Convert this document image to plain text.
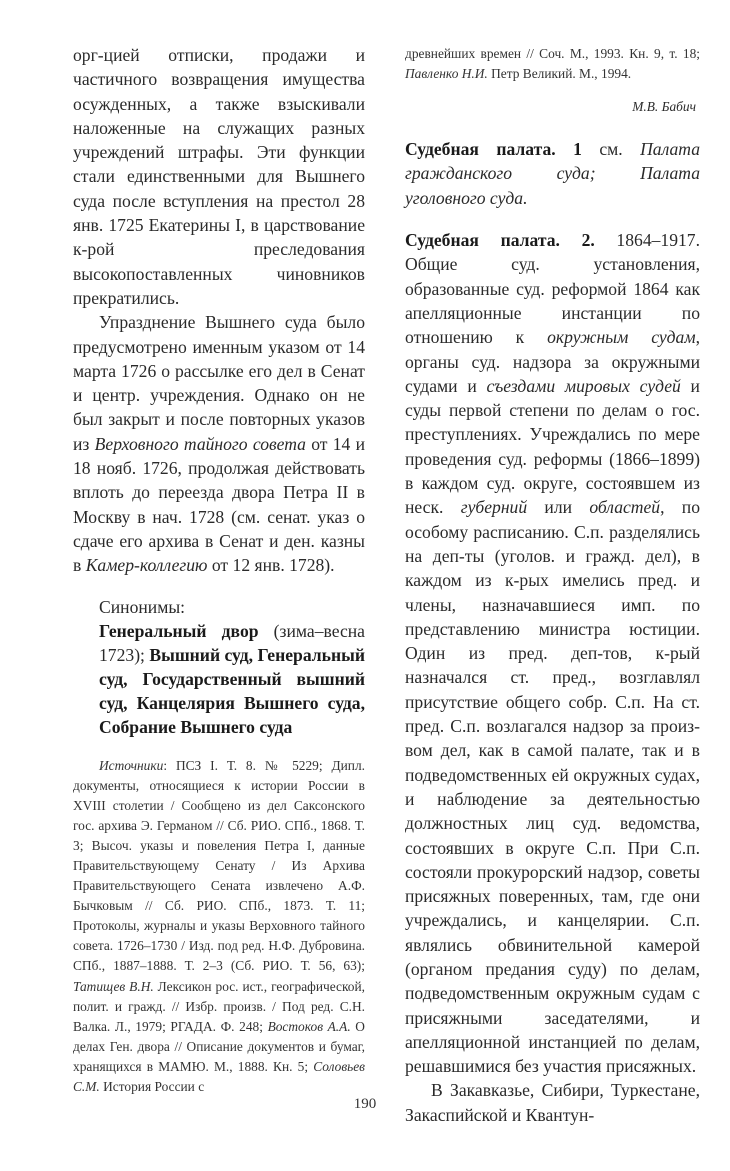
орг-цией отписки, продажи и частичного возвращения имущества осужденных, а также взыскивали наложенные на служащих разных учреждений штрафы. Эти функции стали единственными для Вышнего суда после вступления на престол 28 янв. 1725 Екатерины I, в царствование к-рой преследования высокопоставленных чиновников прекратились.

Упразднение Вышнего суда было предусмотрено именным указом от 14 марта 1726 о рассылке его дел в Сенат и центр. учреждения. Однако он не был закрыт и после повторных указов из Верховного тайного совета от 14 и 18 нояб. 1726, продолжая действовать вплоть до переезда двора Петра II в Москву в нач. 1728 (см. сенат. указ о сдаче его архива в Сенат и ден. казны в Камер-коллегию от 12 янв. 1728).

Синонимы:

Генеральный двор (зима–весна 1723); Вышний суд, Генеральный суд, Государственный вышний суд, Канцелярия Вышнего суда, Собрание Вышнего суда

Источники: ПСЗ I. Т. 8. № 5229; Дипл. документы, относящиеся к истории России в XVIII столетии / Сообщено из дел Саксонского гос. архива Э. Германом // Сб. РИО. СПб., 1868. Т. 3; Высоч. указы и повеления Петра I, данные Правительствующему Сенату / Из Архива Правительствующего Сената извлечено А.Ф. Бычковым // Сб. РИО. СПб., 1873. Т. 11; Протоколы, журналы и указы Верховного тайного совета. 1726–1730 / Изд. под ред. Н.Ф. Дубровина. СПб., 1887–1888. Т. 2–3 (Сб. РИО. Т. 56, 63); Татищев В.Н. Лексикон рос. ист., географической, полит. и гражд. // Избр. произв. / Под ред. С.Н. Валка. Л., 1979; РГАДА. Ф. 248; Востоков А.А. О делах Ген. двора // Описание документов и бумаг, хранящихся в МАМЮ. М., 1888. Кн. 5; Соловьев С.М. История России с

древнейших времен // Соч. М., 1993. Кн. 9, т. 18; Павленко Н.И. Петр Великий. М., 1994.

М.В. Бабич

Судебная палата. 1 см. Палата гражданского суда; Палата уголовного суда.

Судебная палата. 2. 1864–1917. Общие суд. установления, образованные суд. реформой 1864 как апелляционные инстанции по отношению к окружным судам, органы суд. надзора за окружными судами и съездами мировых судей и суды первой степени по делам о гос. преступлениях. Учреждались по мере проведения суд. реформы (1866–1899) в каждом суд. округе, состоявшем из неск. губерний или областей, по особому расписанию. С.п. разделялись на деп-ты (уголов. и гражд. дел), в каждом из к-рых имелись пред. и члены, назначавшиеся имп. по представлению министра юстиции. Один из пред. деп-тов, к-рый назначался ст. пред., возглавлял присутствие общего собр. С.п. На ст. пред. С.п. возлагался надзор за произ-вом дел, как в самой палате, так и в подведомственных ей окружных судах, и наблюдение за деятельностью должностных лиц суд. ведомства, состоявших в округе С.п. При С.п. состояли прокурорский надзор, советы присяжных поверенных, там, где они учреждались, и канцелярии. С.п. являлись обвинительной камерой (органом предания суду) по делам, подведомственным окружным судам с присяжными заседателями, и апелляционной инстанцией по делам, решавшимися без участия присяжных.

В Закавказье, Сибири, Туркестане, Закаспийской и Квантун-

190
